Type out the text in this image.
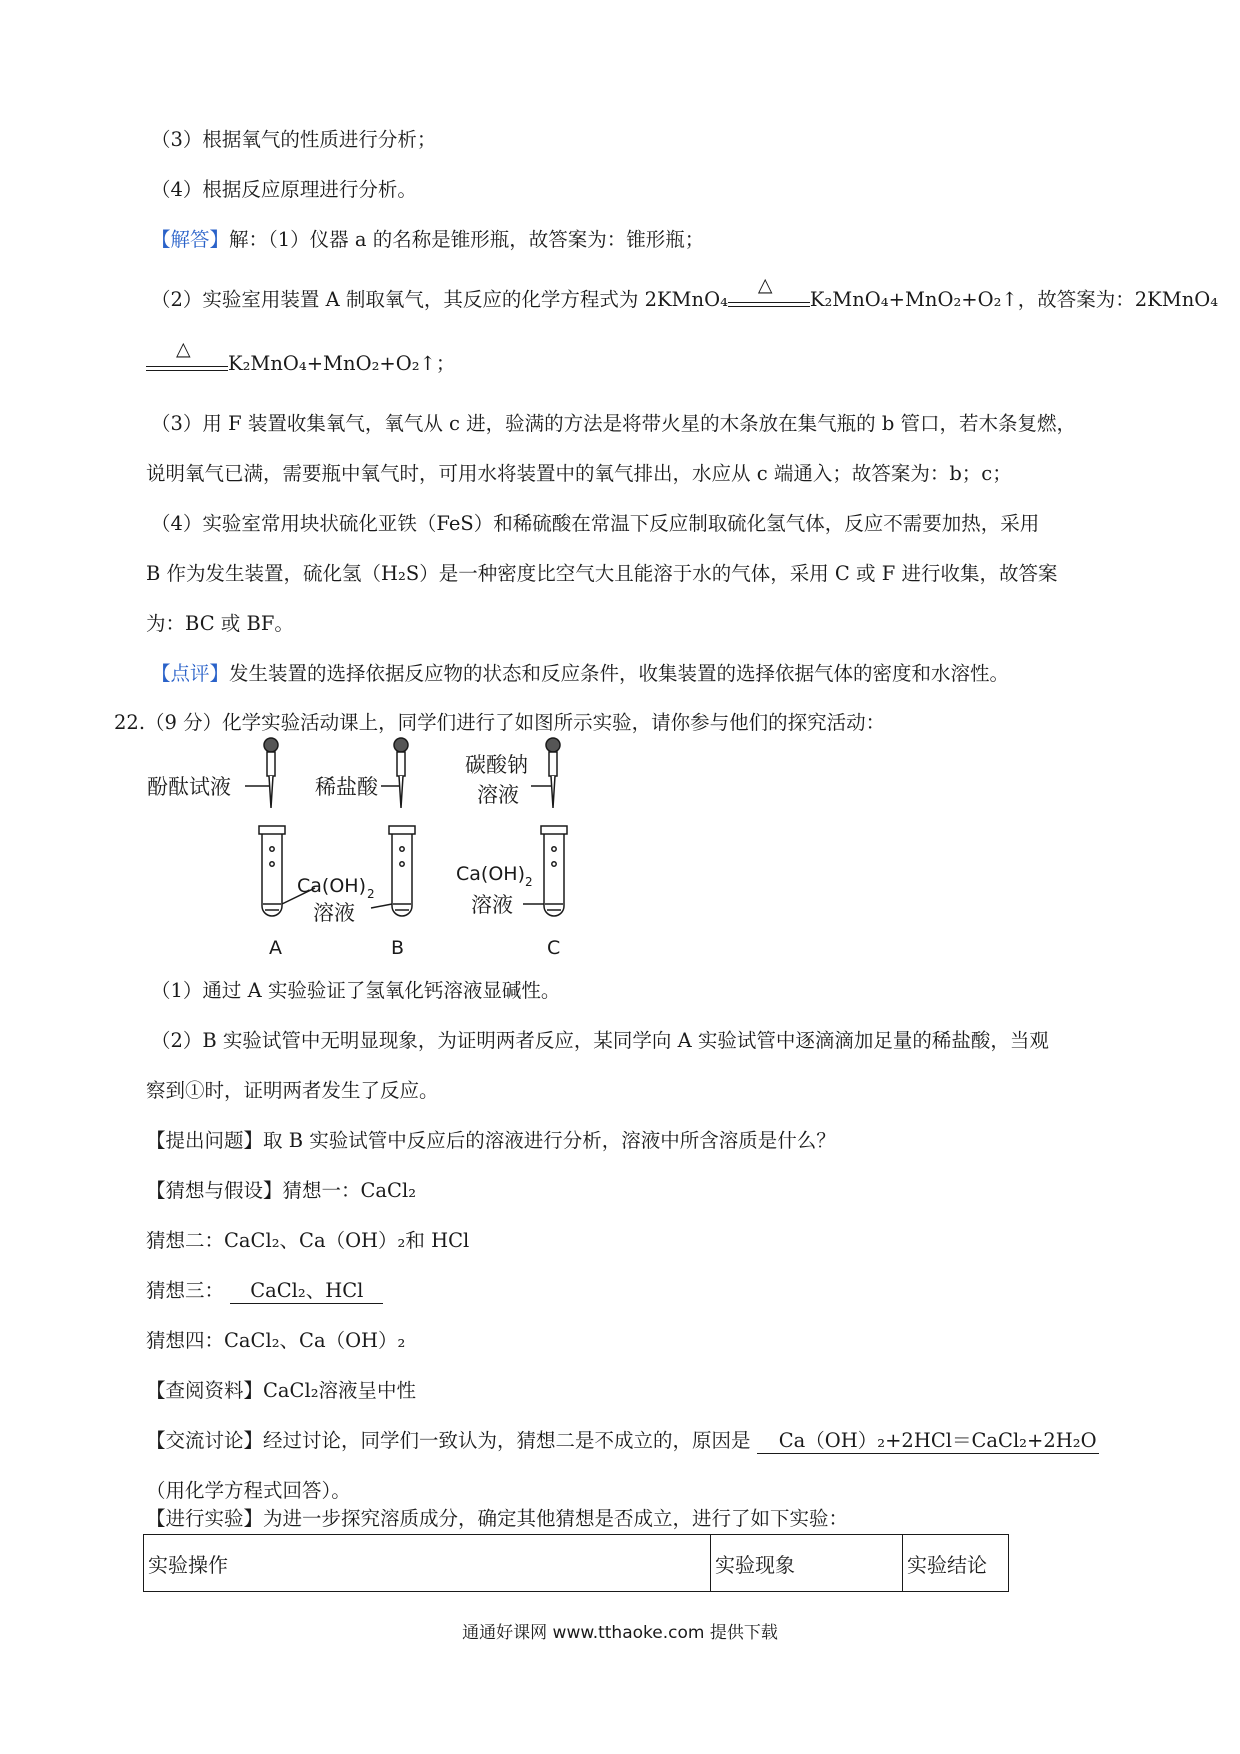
（3）根据氧气的性质进行分析；
（4）根据反应原理进行分析。
【解答】解：（1）仪器 a 的名称是锥形瓶，故答案为：锥形瓶；
（2）实验室用装置 A 制取氧气，其反应的化学方程式为 2KMnO₄
△
K₂MnO₄+MnO₂+O₂↑，故答案为：2KMnO₄
△
K₂MnO₄+MnO₂+O₂↑；
（3）用 F 装置收集氧气，氧气从 c 进，验满的方法是将带火星的木条放在集气瓶的 b 管口，若木条复燃，
说明氧气已满，需要瓶中氧气时，可用水将装置中的氧气排出，水应从 c 端通入；故答案为：b；c；
（4）实验室常用块状硫化亚铁（FeS）和稀硫酸在常温下反应制取硫化氢气体，反应不需要加热，采用
B 作为发生装置，硫化氢（H₂S）是一种密度比空气大且能溶于水的气体，采用 C 或 F 进行收集，故答案
为：BC 或 BF。
【点评】发生装置的选择依据反应物的状态和反应条件，收集装置的选择依据气体的密度和水溶性。
22.（9 分）化学实验活动课上，同学们进行了如图所示实验，请你参与他们的探究活动：
酚酞试液	稀盐酸
碳酸钠
溶液
Ca(OH) 2
溶液
Ca(OH) 2
溶液
A	B	C
（1）通过 A 实验验证了氢氧化钙溶液显碱性。
（2）B 实验试管中无明显现象，为证明两者反应，某同学向 A 实验试管中逐滴滴加足量的稀盐酸，当观
察到①时，证明两者发生了反应。
【提出问题】取 B 实验试管中反应后的溶液进行分析，溶液中所含溶质是什么？
【猜想与假设】猜想一：CaCl₂
猜想二：CaCl₂、Ca（OH）₂和 HCl
猜想三： CaCl₂、HCl
猜想四：CaCl₂、Ca（OH）₂
【查阅资料】CaCl₂溶液呈中性
【交流讨论】经过讨论，同学们一致认为，猜想二是不成立的，原因是 Ca（OH）₂+2HCl＝CaCl₂+2H₂O
（用化学方程式回答）。
【进行实验】为进一步探究溶质成分，确定其他猜想是否成立，进行了如下实验：
实验操作	实验现象	实验结论
通通好课网 www.tthaoke.com 提供下载
